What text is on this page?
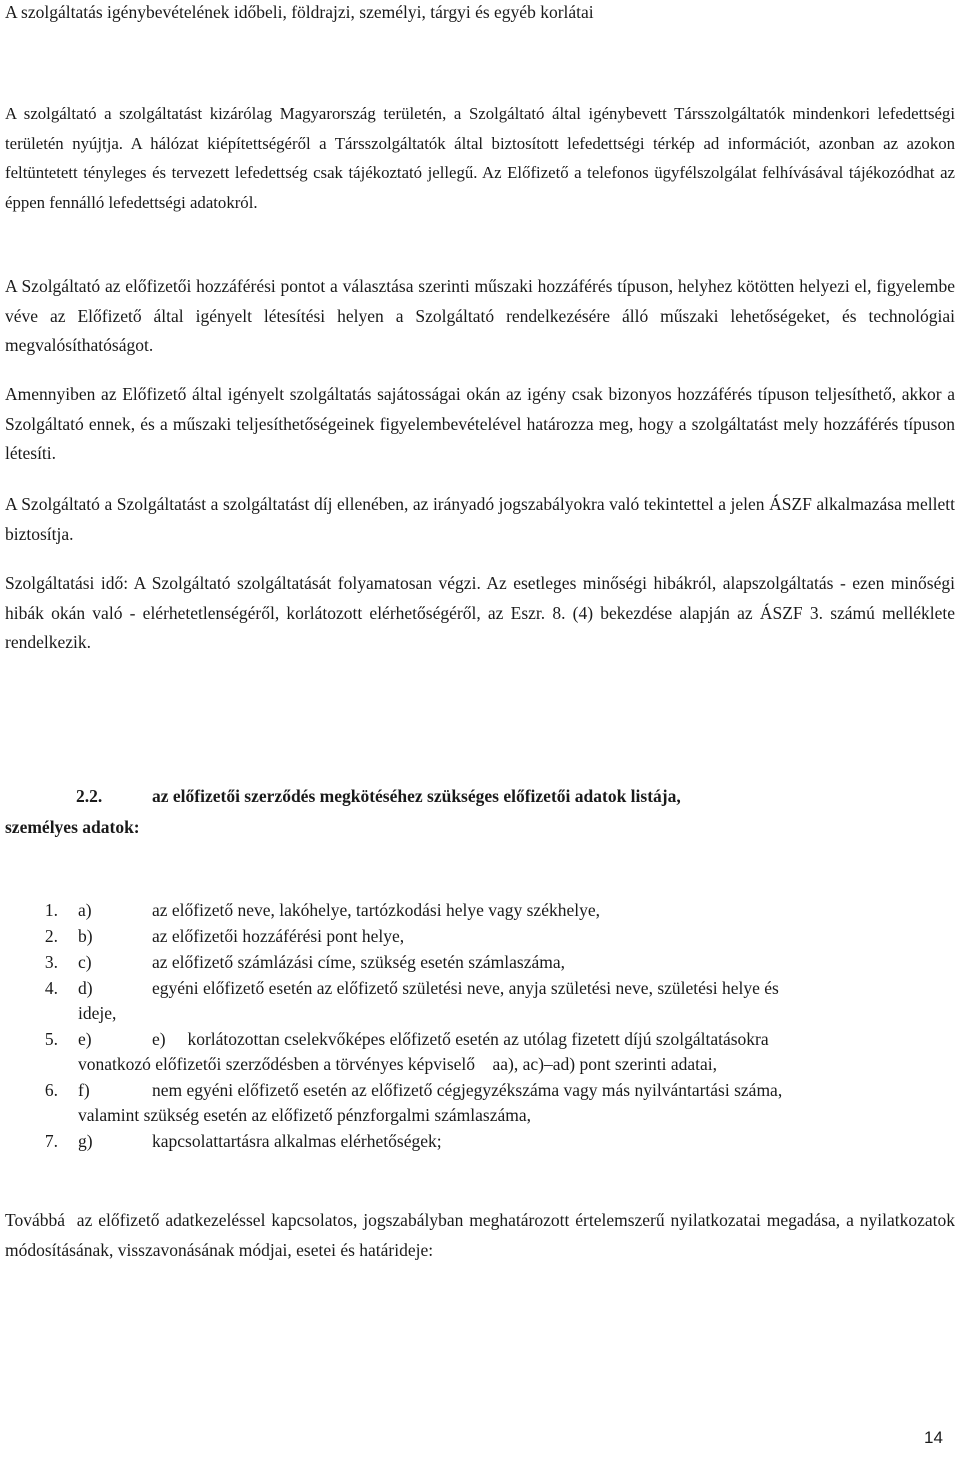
A szolgáltatás igénybevételének időbeli, földrajzi, személyi, tárgyi és egyéb korlátai

A szolgáltató a szolgáltatást kizárólag Magyarország területén, a Szolgáltató által igénybevett Társszolgáltatók mindenkori lefedettségi területén nyújtja. A hálózat kiépítettségéről a Társszolgáltatók által biztosított lefedettségi térkép ad információt, azonban az azokon feltüntetett tényleges és tervezett lefedettség csak tájékoztató jellegű. Az Előfizető a telefonos ügyfélszolgálat felhívásával tájékozódhat az éppen fennálló lefedettségi adatokról.

A Szolgáltató az előfizetői hozzáférési pontot a választása szerinti műszaki hozzáférés típuson, helyhez kötötten helyezi el, figyelembe véve az Előfizető által igényelt létesítési helyen a Szolgáltató rendelkezésére álló műszaki lehetőségeket, és technológiai megvalósíthatóságot.

Amennyiben az Előfizető által igényelt szolgáltatás sajátosságai okán az igény csak bizonyos hozzáférés típuson teljesíthető, akkor a Szolgáltató ennek, és a műszaki teljesíthetőségeinek figyelembevételével határozza meg, hogy a szolgáltatást mely hozzáférés típuson létesíti.

A Szolgáltató a Szolgáltatást a szolgáltatást díj ellenében, az irányadó jogszabályokra való tekintettel a jelen ÁSZF alkalmazása mellett biztosítja.

Szolgáltatási idő: A Szolgáltató szolgáltatását folyamatosan végzi. Az esetleges minőségi hibákról, alapszolgáltatás - ezen minőségi hibák okán való - elérhetetlenségéről, korlátozott elérhetőségéről, az Eszr. 8. (4) bekezdése alapján az ÁSZF 3. számú melléklete rendelkezik.

2.2.	az előfizetői szerződés megkötéséhez szükséges előfizetői adatok listája,
személyes adatok:
1. a)	az előfizető neve, lakóhelye, tartózkodási helye vagy székhelye,
2. b)	az előfizetői hozzáférési pont helye,
3. c)	az előfizető számlázási címe, szükség esetén számlaszáma,
4. d)	egyéni előfizető esetén az előfizető születési neve, anyja születési neve, születési helye és
ideje,
5. e)	e)     korlátozottan cselekvőképes előfizető esetén az utólag fizetett díjú szolgáltatásokra
vonatkozó előfizetői szerződésben a törvényes képviselő    aa), ac)–ad) pont szerinti adatai,
6. f)	nem egyéni előfizető esetén az előfizető cégjegyzékszáma vagy más nyilvántartási száma,
valamint szükség esetén az előfizető pénzforgalmi számlaszáma,
7. g)	kapcsolattartásra alkalmas elérhetőségek;

Továbbá  az előfizető adatkezeléssel kapcsolatos, jogszabályban meghatározott értelemszerű nyilatkozatai megadása, a nyilatkozatok módosításának, visszavonásának módjai, esetei és határideje:

14
